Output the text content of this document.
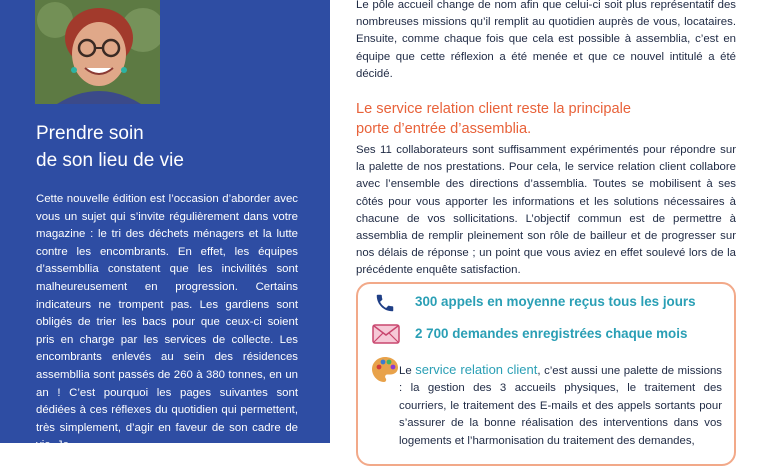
Prendre soin
de son lieu de vie

Cette nouvelle édition est l’occasion d’aborder avec vous un sujet qui s’invite régulièrement dans votre magazine : le tri des déchets ménagers et la lutte contre les encombrants. En effet, les équipes d’assembllia constatent que les incivilités sont malheureusement en progression. Certains indicateurs ne trompent pas. Les gardiens sont obligés de trier les bacs pour que ceux-ci soient pris en charge par les services de collecte. Les encombrants enlevés au sein des résidences assembllia sont passés de 260 à 380 tonnes, en un an ! C’est pourquoi les pages suivantes sont dédiées à ces réflexes du quotidien qui permettent, très simplement, d’agir en faveur de son cadre de vie. Je

Le pôle accueil change de nom afin que celui-ci soit plus représentatif des nombreuses missions qu’il remplit au quotidien auprès de vous, locataires. Ensuite, comme chaque fois que cela est possible à assemblia, c’est en équipe que cette réflexion a été menée et que ce nouvel intitulé a été décidé.
Le service relation client reste la principale
porte d’entrée d’assemblia.
Ses 11 collaborateurs sont suffisamment expérimentés pour répondre sur la palette de nos prestations. Pour cela, le service relation client collabore avec l’ensemble des directions d’assemblia. Toutes se mobilisent à ses côtés pour vous apporter les informations et les solutions nécessaires à chacune de vos sollicitations. L’objectif commun est de permettre à assemblia de remplir pleinement son rôle de bailleur et de progresser sur nos délais de réponse ; un point que vous aviez en effet soulevé lors de la précédente enquête satisfaction.
300 appels en moyenne reçus tous les jours
2 700 demandes enregistrées chaque mois
Le service relation client, c’est aussi une palette de missions : la gestion des 3 accueils physiques, le traitement des courriers, le traitement des E-mails et des appels sortants pour s’assurer de la bonne réalisation des interventions dans vos logements et l’harmonisation du traitement des demandes,
